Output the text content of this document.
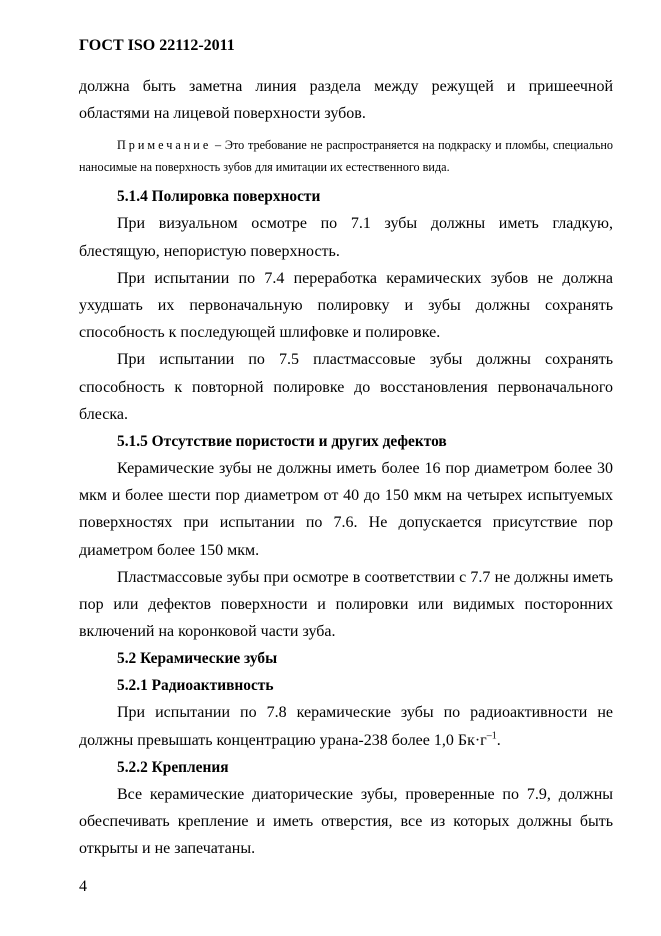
ГОСТ ISO 22112-2011

должна быть заметна линия раздела между режущей и пришеечной областями на лицевой поверхности зубов.

Примечание – Это требование не распространяется на подкраску и пломбы, специально наносимые на поверхность зубов для имитации их естественного вида.

5.1.4 Полировка поверхности

При визуальном осмотре по 7.1 зубы должны иметь гладкую, блестящую, непористую поверхность.

При испытании по 7.4 переработка керамических зубов не должна ухудшать их первоначальную полировку и зубы должны сохранять способность к последующей шлифовке и полировке.

При испытании по 7.5 пластмассовые зубы должны сохранять способность к повторной полировке до восстановления первоначального блеска.

5.1.5 Отсутствие пористости и других дефектов

Керамические зубы не должны иметь более 16 пор диаметром более 30 мкм и более шести пор диаметром от 40 до 150 мкм на четырех испытуемых поверхностях при испытании по 7.6. Не допускается присутствие пор диаметром более 150 мкм.

Пластмассовые зубы при осмотре в соответствии с 7.7 не должны иметь пор или дефектов поверхности и полировки или видимых посторонних включений на коронковой части зуба.

5.2 Керамические зубы

5.2.1 Радиоактивность

При испытании по 7.8 керамические зубы по радиоактивности не должны превышать концентрацию урана-238 более 1,0 $Бк\cdot г^{-1}$.

5.2.2 Крепления

Все керамические диаторические зубы, проверенные по 7.9, должны обеспечивать крепление и иметь отверстия, все из которых должны быть открыты и не запечатаны.

4
